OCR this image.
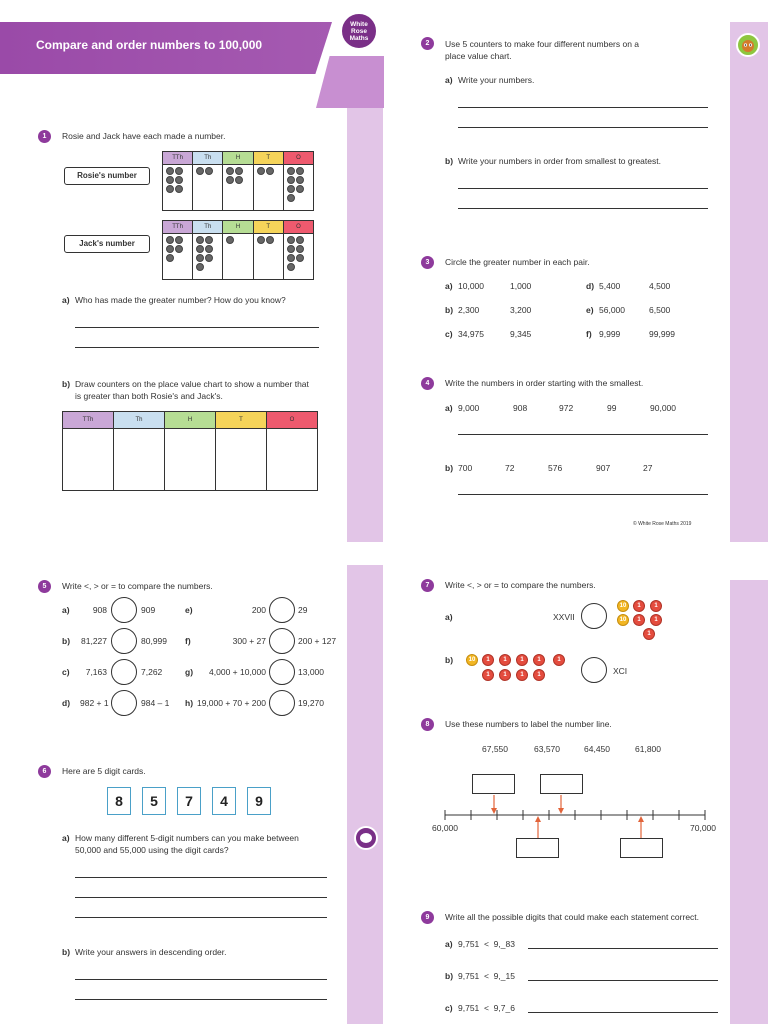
Compare and order numbers to 100,000
White Rose Maths
1	Rosie and Jack have each made a number.
Rosie's number
Jack's number
TTh	Th	H	T	O
TTh	Th	H	T	O
a) Who has made the greater number? How do you know?
b) Draw counters on the place value chart to show a number that
is greater than both Rosie's and Jack's.
TTh	Th	H	T	O
2	Use 5 counters to make four different numbers on a
place value chart.
a) Write your numbers.
b) Write your numbers in order from smallest to greatest.
3	Circle the greater number in each pair.
a) 10,000	1,000
b) 2,300	3,200
c) 34,975	9,345
d) 5,400	4,500
e) 56,000	6,500
f) 9,999	99,999
4	Write the numbers in order starting with the smallest.
a) 9,000	908	972	99	90,000
b) 700	72	576	907	27
© White Rose Maths 2019
5	Write <, > or = to compare the numbers.
a)	908	909
b) 81,227	80,999
c)	7,163	7,262
d) 982 + 1	984 – 1
e)	200	29
f)	300 + 27	200 + 127
g)	4,000 + 10,000	13,000
h) 19,000 + 70 + 200	19,270
6	Here are 5 digit cards.
8	5	7	4	9
a) How many different 5-digit numbers can you make between
50,000 and 55,000 using the digit cards?
b) Write your answers in descending order.
7	Write <, > or = to compare the numbers.
a)	XXVII
10
10
1	1
1	1
1
b)	10	1	1	1	1	1
1	1	1	1	XCI
8	Use these numbers to label the number line.
67,550	63,570	64,450	61,800
60,000	70,000
9	Write all the possible digits that could make each statement correct.
a) 9,751  <  9,_83
b) 9,751  <  9,_15
c) 9,751  <  9,7_6
